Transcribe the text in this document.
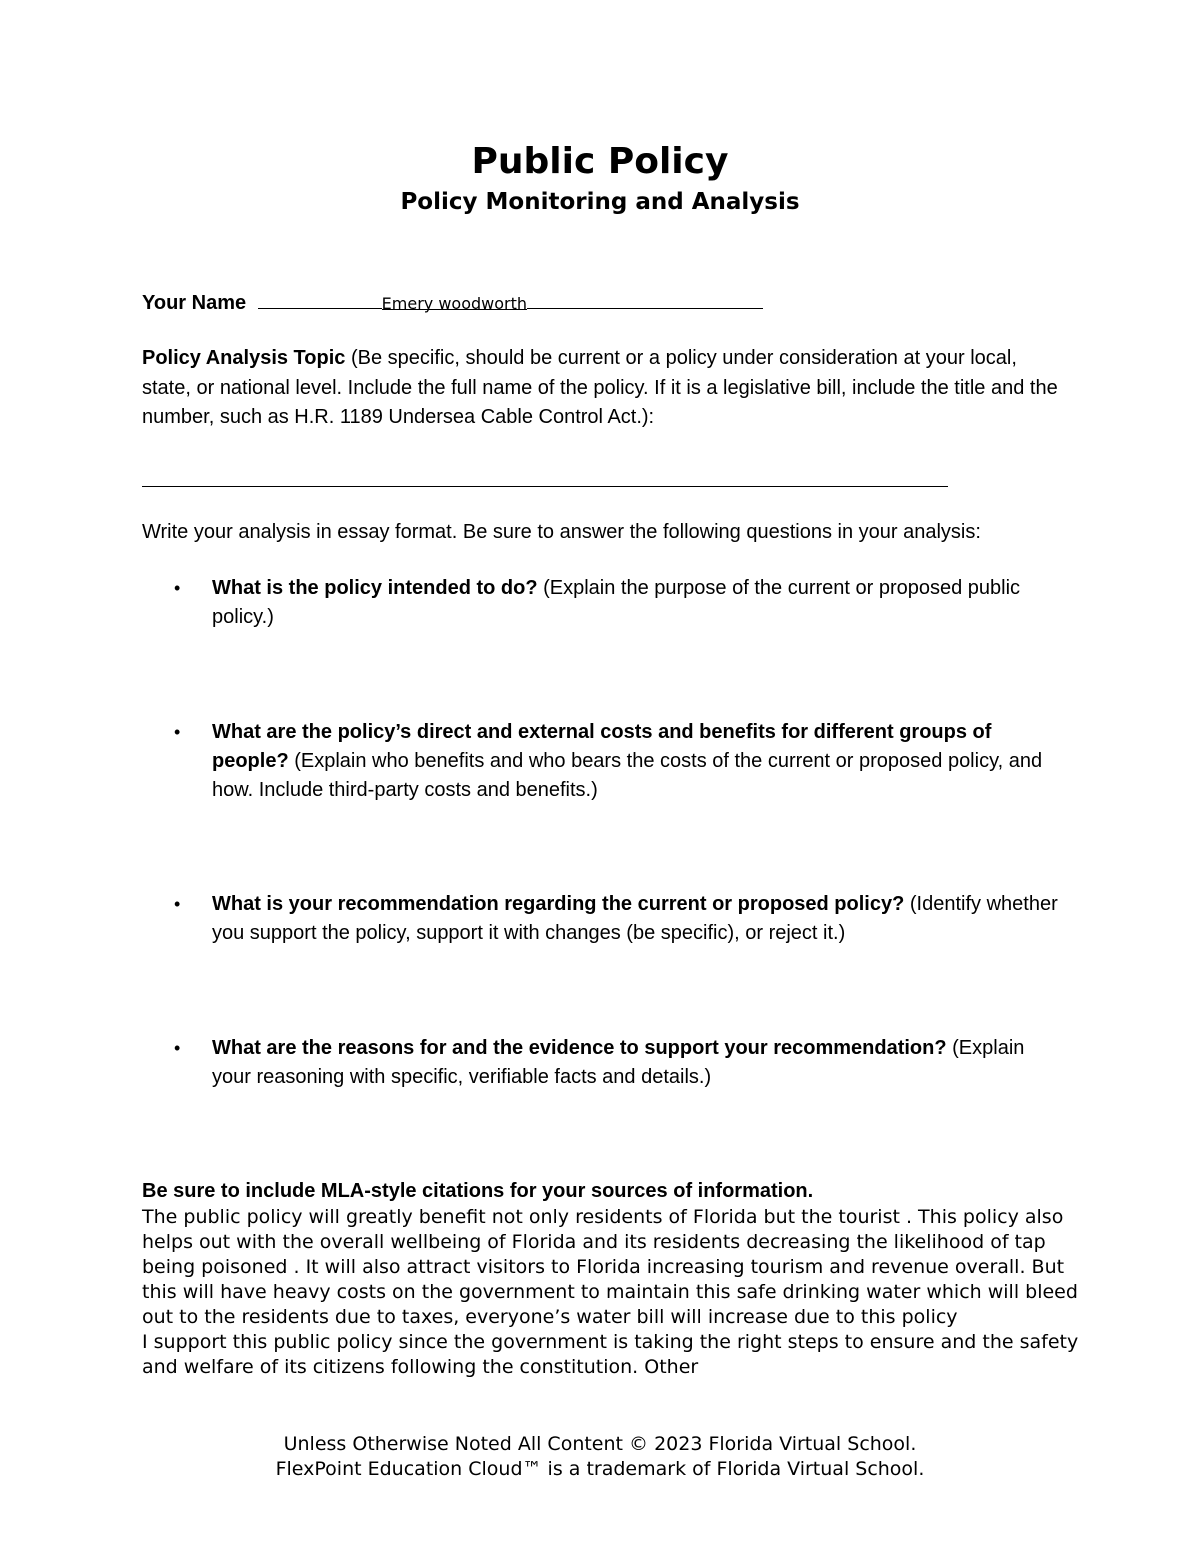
Public Policy
Policy Monitoring and Analysis
Your Name	Emery woodworth
Policy Analysis Topic (Be specific, should be current or a policy under consideration at your local, state, or national level. Include the full name of the policy. If it is a legislative bill, include the title and the number, such as H.R. 1189 Undersea Cable Control Act.):
Write your analysis in essay format. Be sure to answer the following questions in your analysis:
• What is the policy intended to do? (Explain the purpose of the current or proposed public policy.)
• What are the policy’s direct and external costs and benefits for different groups of people? (Explain who benefits and who bears the costs of the current or proposed policy, and how. Include third-party costs and benefits.)
• What is your recommendation regarding the current or proposed policy? (Identify whether you support the policy, support it with changes (be specific), or reject it.)
• What are the reasons for and the evidence to support your recommendation? (Explain your reasoning with specific, verifiable facts and details.)
Be sure to include MLA-style citations for your sources of information.

The public policy will greatly benefit not only residents of Florida but the tourist . This policy also helps out with the overall wellbeing of Florida and its residents decreasing the likelihood of tap being poisoned . It will also attract visitors to Florida increasing tourism and revenue overall. But this will have heavy costs on the government to maintain this safe drinking water which will bleed out to the residents due to taxes, everyone’s water bill will increase due to this policy

I support this public policy since the government is taking the right steps to ensure and the safety and welfare of its citizens following the constitution. Other

Unless Otherwise Noted All Content © 2023 Florida Virtual School.
FlexPoint Education Cloud™ is a trademark of Florida Virtual School.
